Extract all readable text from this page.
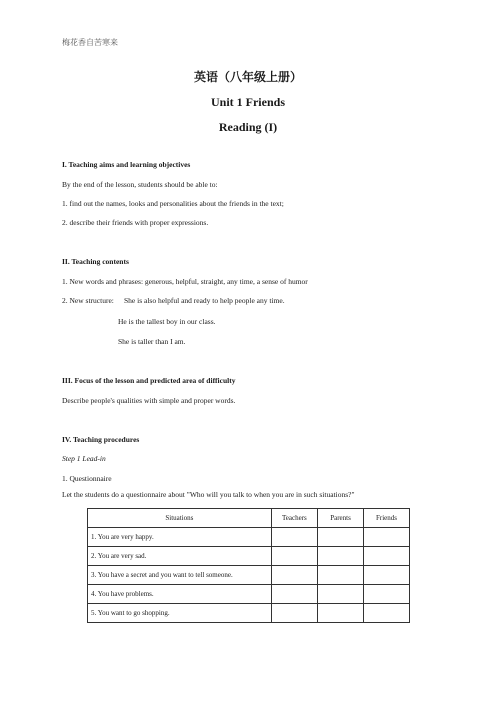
梅花香自苦寒来
英语（八年级上册）
Unit 1 Friends
Reading (I)
I. Teaching aims and learning objectives
By the end of the lesson, students should be able to:
1. find out the names, looks and personalities about the friends in the text;
2. describe their friends with proper expressions.
II. Teaching contents
1. New words and phrases: generous, helpful, straight, any time, a sense of humor
2. New structure: She is also helpful and ready to help people any time.
He is the tallest boy in our class.
She is taller than I am.
III. Focus of the lesson and predicted area of difficulty
Describe people's qualities with simple and proper words.
IV. Teaching procedures
Step 1 Lead-in
1. Questionnaire
Let the students do a questionnaire about "Who will you talk to when you are in such situations?"
Situations	Teachers	Parents	Friends
1. You are very happy.			
2. You are very sad.			
3. You have a secret and you want to tell someone.			
4. You have problems.			
5. You want to go shopping.			
